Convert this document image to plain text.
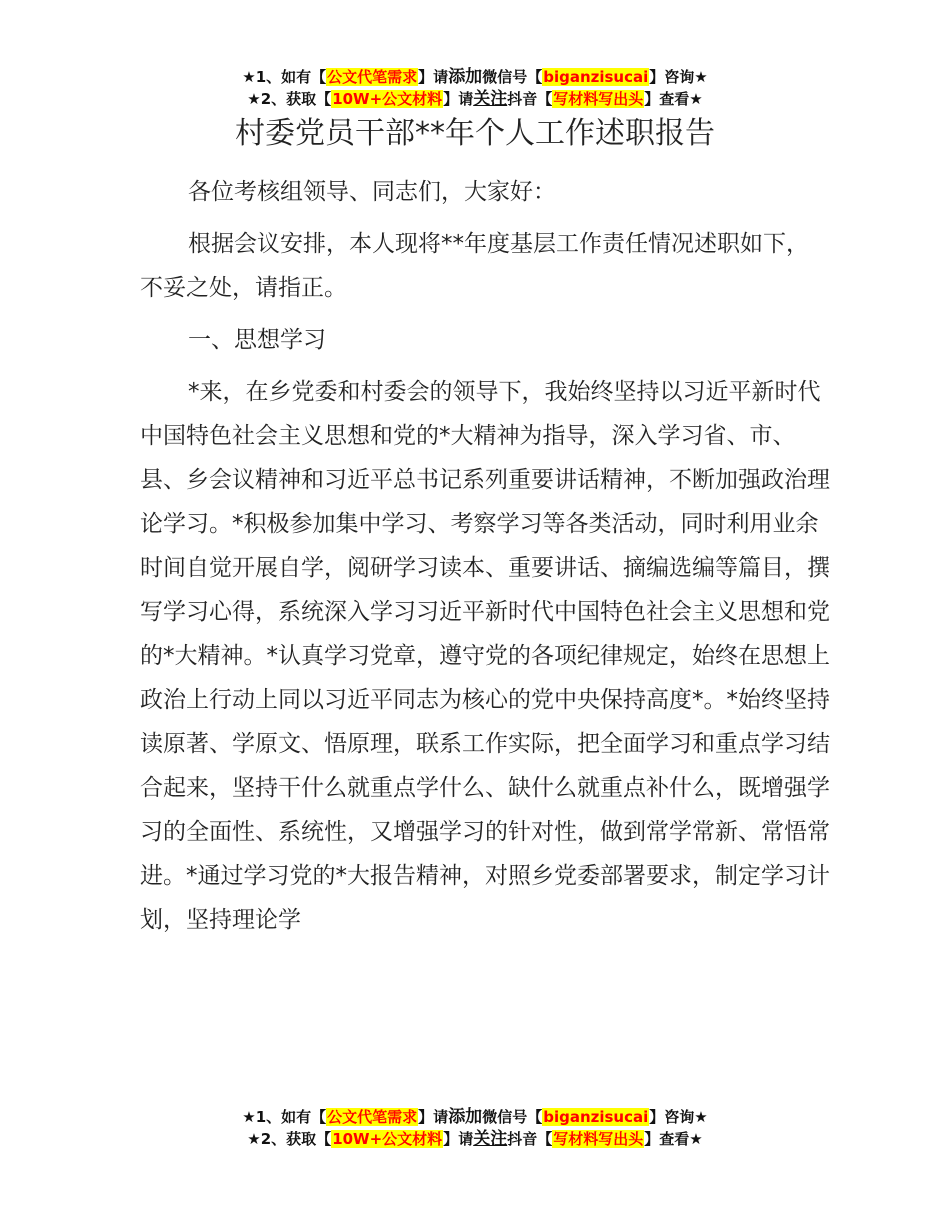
★1、如有【公文代笔需求】请添加微信号【biganzisucai】咨询★
★2、获取【10W+公文材料】请关注抖音【写材料写出头】查看★
村委党员干部**年个人工作述职报告

各位考核组领导、同志们，大家好：

根据会议安排，本人现将**年度基层工作责任情况述职如下，不妥之处，请指正。

一、思想学习

*来，在乡党委和村委会的领导下，我始终坚持以习近平新时代中国特色社会主义思想和党的*大精神为指导，深入学习省、市、县、乡会议精神和习近平总书记系列重要讲话精神，不断加强政治理论学习。*积极参加集中学习、考察学习等各类活动，同时利用业余时间自觉开展自学，阅研学习读本、重要讲话、摘编选编等篇目，撰写学习心得，系统深入学习习近平新时代中国特色社会主义思想和党的*大精神。*认真学习党章，遵守党的各项纪律规定，始终在思想上政治上行动上同以习近平同志为核心的党中央保持高度*。*始终坚持读原著、学原文、悟原理，联系工作实际，把全面学习和重点学习结合起来，坚持干什么就重点学什么、缺什么就重点补什么，既增强学习的全面性、系统性，又增强学习的针对性，做到常学常新、常悟常进。*通过学习党的*大报告精神，对照乡党委部署要求，制定学习计划，坚持理论学

★1、如有【公文代笔需求】请添加微信号【biganzisucai】咨询★
★2、获取【10W+公文材料】请关注抖音【写材料写出头】查看★
